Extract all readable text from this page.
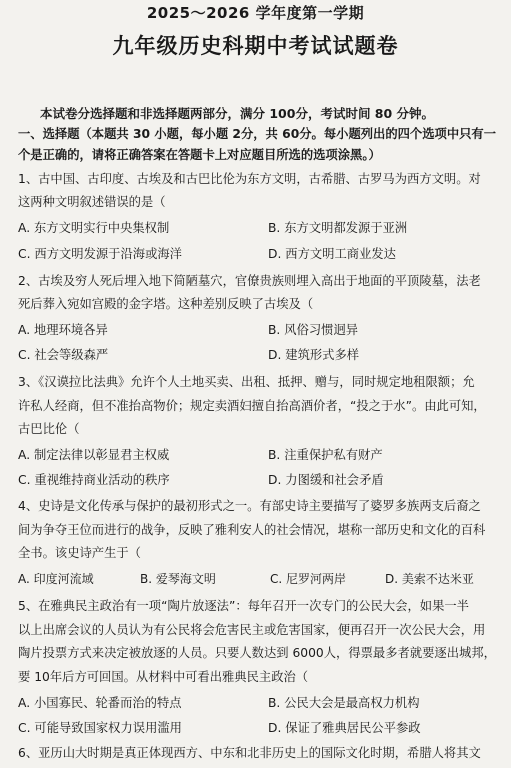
2025～2026 学年度第一学期
九年级历史科期中考试试题卷
本试卷分选择题和非选择题两部分，满分 100分，考试时间 80 分钟。
一、选择题（本题共 30 小题，每小题 2分，共 60分。每小题列出的四个选项中只有一
个是正确的，请将正确答案在答题卡上对应题目所选的选项涂黑。）
1、古中国、古印度、古埃及和古巴比伦为东方文明，古希腊、古罗马为西方文明。对
这两种文明叙述错误的是（
A. 东方文明实行中央集权制	B. 东方文明都发源于亚洲
C. 西方文明发源于沿海或海洋	D. 西方文明工商业发达
2、古埃及穷人死后埋入地下简陋墓穴，官僚贵族则埋入高出于地面的平顶陵墓，法老
死后葬入宛如宫殿的金字塔。这种差别反映了古埃及（
A. 地理环境各异	B. 风俗习惯迥异
C. 社会等级森严	D. 建筑形式多样
3、《汉谟拉比法典》允许个人土地买卖、出租、抵押、赠与，同时规定地租限额；允
许私人经商，但不准抬高物价；规定卖酒妇擅自抬高酒价者，“投之于水”。由此可知，
古巴比伦（
A. 制定法律以彰显君主权威	B. 注重保护私有财产
C. 重视维持商业活动的秩序	D. 力图缓和社会矛盾
4、史诗是文化传承与保护的最初形式之一。有部史诗主要描写了婆罗多族两支后裔之
间为争夺王位而进行的战争，反映了雅利安人的社会情况，堪称一部历史和文化的百科
全书。该史诗产生于（
A. 印度河流域	B. 爱琴海文明	C. 尼罗河两岸	D. 美索不达米亚
5、在雅典民主政治有一项“陶片放逐法”：每年召开一次专门的公民大会，如果一半
以上出席会议的人员认为有公民将会危害民主或危害国家，便再召开一次公民大会，用
陶片投票方式来决定被放逐的人员。只要人数达到 6000人，得票最多者就要逐出城邦，
要 10年后方可回国。从材料中可看出雅典民主政治（
A. 小国寡民、轮番而治的特点	B. 公民大会是最高权力机构
C. 可能导致国家权力误用滥用	D. 保证了雅典居民公平参政
6、亚历山大时期是真正体现西方、中东和北非历史上的国际文化时期，希腊人将其文
